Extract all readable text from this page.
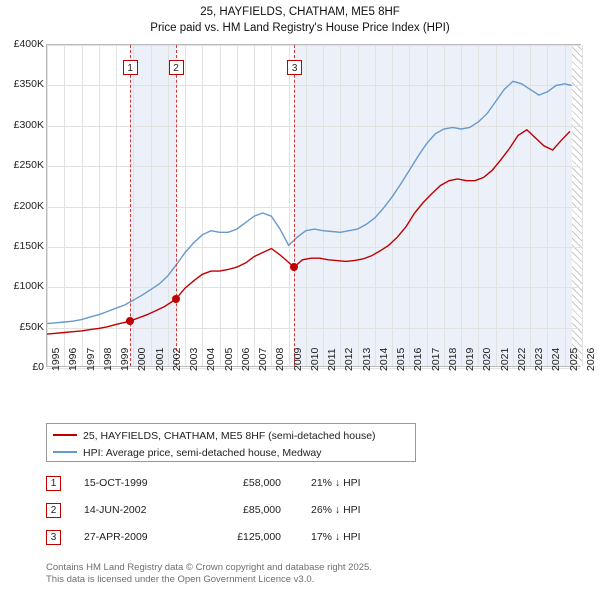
25, HAYFIELDS, CHATHAM, ME5 8HF
Price paid vs. HM Land Registry's House Price Index (HPI)
1	2	3
£0
£50K
£100K
£150K
£200K
£250K
£300K
£350K
£400K
1995 1996 1997 1998 1999 2000 2001 2002 2003 2004 2005 2006 2007 2008 2009 2010 2011 2012 2013 2014 2015 2016 2017 2018 2019 2020 2021 2022 2023 2024 2025 2026
25, HAYFIELDS, CHATHAM, ME5 8HF (semi-detached house)
HPI: Average price, semi-detached house, Medway
1	15-OCT-1999	£58,000	21% ↓ HPI
2	14-JUN-2002	£85,000	26% ↓ HPI
3	27-APR-2009	£125,000	17% ↓ HPI
Contains HM Land Registry data © Crown copyright and database right 2025.
This data is licensed under the Open Government Licence v3.0.
